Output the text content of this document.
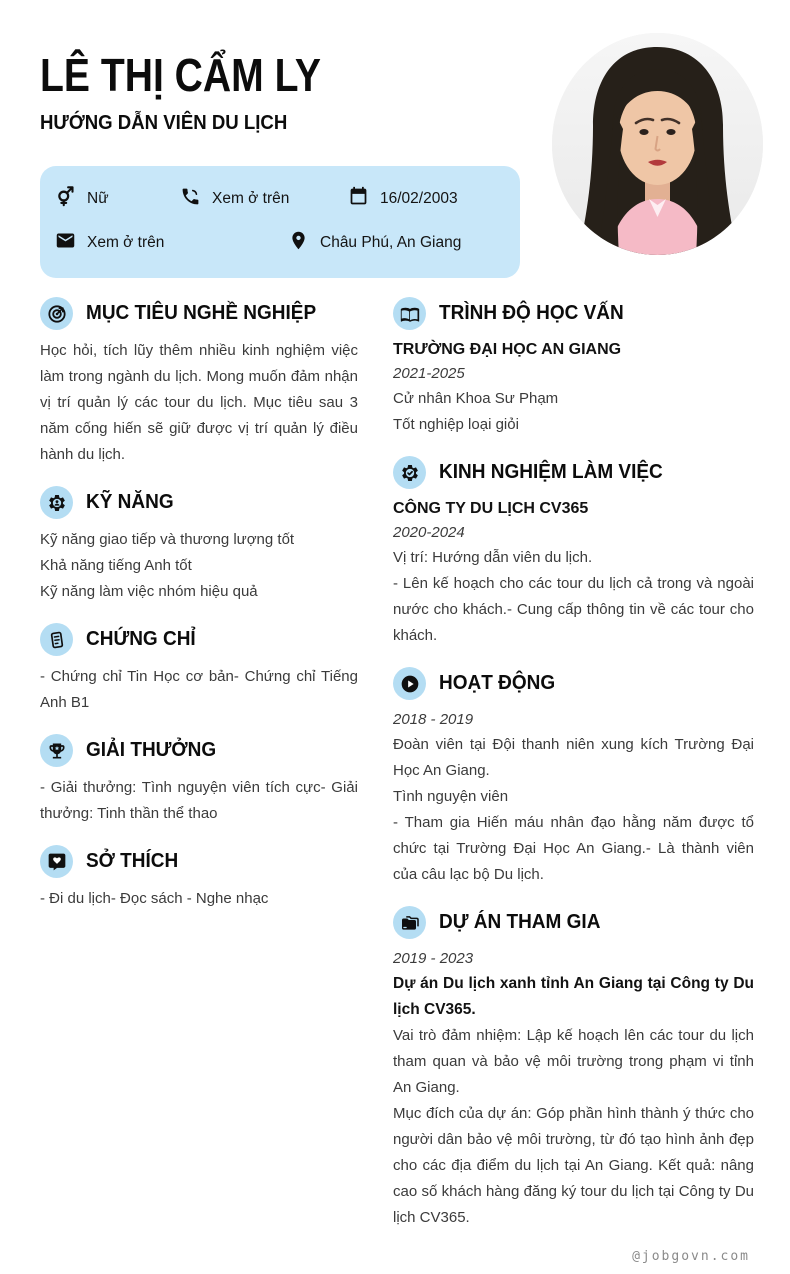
LÊ THỊ CẨM LY
HƯỚNG DẪN VIÊN DU LỊCH
Nữ	Xem ở trên	16/02/2003
Xem ở trên	Châu Phú, An Giang
MỤC TIÊU NGHỀ NGHIỆP
Học hỏi, tích lũy thêm nhiều kinh nghiệm việc làm trong ngành du lịch. Mong muốn đảm nhận vị trí quản lý các tour du lịch. Mục tiêu sau 3 năm cống hiến sẽ giữ được vị trí quản lý điều hành du lịch.
KỸ NĂNG
Kỹ năng giao tiếp và thương lượng tốt
Khả năng tiếng Anh tốt
Kỹ năng làm việc nhóm hiệu quả
CHỨNG CHỈ
- Chứng chỉ Tin Học cơ bản- Chứng chỉ Tiếng Anh B1
GIẢI THƯỞNG
- Giải thưởng: Tình nguyện viên tích cực- Giải thưởng: Tinh thần thể thao
SỞ THÍCH
- Đi du lịch- Đọc sách - Nghe nhạc
TRÌNH ĐỘ HỌC VẤN
TRƯỜNG ĐẠI HỌC AN GIANG
2021-2025
Cử nhân Khoa Sư Phạm
Tốt nghiệp loại giỏi
KINH NGHIỆM LÀM VIỆC
CÔNG TY DU LỊCH CV365
2020-2024
Vị trí: Hướng dẫn viên du lịch.
- Lên kế hoạch cho các tour du lịch cả trong và ngoài nước cho khách.- Cung cấp thông tin về các tour cho khách.
HOẠT ĐỘNG
2018 - 2019
Đoàn viên tại Đội thanh niên xung kích Trường Đại Học An Giang.
Tình nguyện viên
- Tham gia Hiến máu nhân đạo hằng năm được tổ chức tại Trường Đại Học An Giang.- Là thành viên của câu lạc bộ Du lịch.
DỰ ÁN THAM GIA
2019 - 2023
Dự án Du lịch xanh tỉnh An Giang tại Công ty Du lịch CV365.
Vai trò đảm nhiệm: Lập kế hoạch lên các tour du lịch tham quan và bảo vệ môi trường trong phạm vi tỉnh An Giang.
Mục đích của dự án: Góp phần hình thành ý thức cho người dân bảo vệ môi trường, từ đó tạo hình ảnh đẹp cho các địa điểm du lịch tại An Giang. Kết quả: nâng cao số khách hàng đăng ký tour du lịch tại Công ty Du lịch CV365.
@jobgovn.com
